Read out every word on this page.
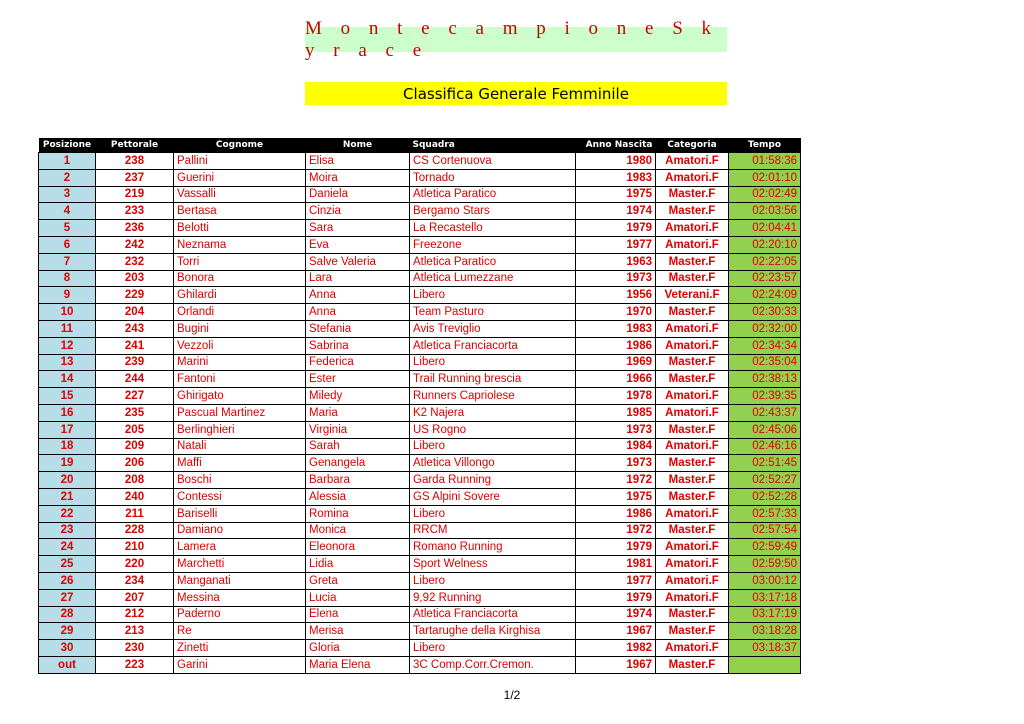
M o n t e c a m p i o n e S k y r a c e
Classifica Generale Femminile
Posizione	Pettorale	Cognome	Nome	Squadra	Anno Nascita	Categoria	Tempo
1	238	Pallini	Elisa	CS Cortenuova	1980	Amatori.F	01:58:36
2	237	Guerini	Moira	Tornado	1983	Amatori.F	02:01:10
3	219	Vassalli	Daniela	Atletica Paratico	1975	Master.F	02:02:49
4	233	Bertasa	Cinzia	Bergamo Stars	1974	Master.F	02:03:56
5	236	Belotti	Sara	La Recastello	1979	Amatori.F	02:04:41
6	242	Neznama	Eva	Freezone	1977	Amatori.F	02:20:10
7	232	Torri	Salve Valeria	Atletica Paratico	1963	Master.F	02:22:05
8	203	Bonora	Lara	Atletica Lumezzane	1973	Master.F	02:23:57
9	229	Ghilardi	Anna	Libero	1956	Veterani.F	02:24:09
10	204	Orlandi	Anna	Team Pasturo	1970	Master.F	02:30:33
11	243	Bugini	Stefania	Avis Treviglio	1983	Amatori.F	02:32:00
12	241	Vezzoli	Sabrina	Atletica Franciacorta	1986	Amatori.F	02:34:34
13	239	Marini	Federica	Libero	1969	Master.F	02:35:04
14	244	Fantoni	Ester	Trail Running brescia	1966	Master.F	02:38:13
15	227	Ghirigato	Miledy	Runners Capriolese	1978	Amatori.F	02:39:35
16	235	Pascual Martinez	Maria	K2 Najera	1985	Amatori.F	02:43:37
17	205	Berlinghieri	Virginia	US Rogno	1973	Master.F	02:45:06
18	209	Natali	Sarah	Libero	1984	Amatori.F	02:46:16
19	206	Maffi	Genangela	Atletica Villongo	1973	Master.F	02:51:45
20	208	Boschi	Barbara	Garda Running	1972	Master.F	02:52:27
21	240	Contessi	Alessia	GS Alpini Sovere	1975	Master.F	02:52:28
22	211	Bariselli	Romina	Libero	1986	Amatori.F	02:57:33
23	228	Damiano	Monica	RRCM	1972	Master.F	02:57:54
24	210	Lamera	Eleonora	Romano Running	1979	Amatori.F	02:59:49
25	220	Marchetti	Lidia	Sport Welness	1981	Amatori.F	02:59:50
26	234	Manganati	Greta	Libero	1977	Amatori.F	03:00:12
27	207	Messina	Lucia	9,92 Running	1979	Amatori.F	03:17:18
28	212	Paderno	Elena	Atletica Franciacorta	1974	Master.F	03:17:19
29	213	Re	Merisa	Tartarughe della Kirghisa	1967	Master.F	03:18:28
30	230	Zinetti	Gloria	Libero	1982	Amatori.F	03:18:37
out	223	Garini	Maria Elena	3C Comp.Corr.Cremon.	1967	Master.F	
1/2
